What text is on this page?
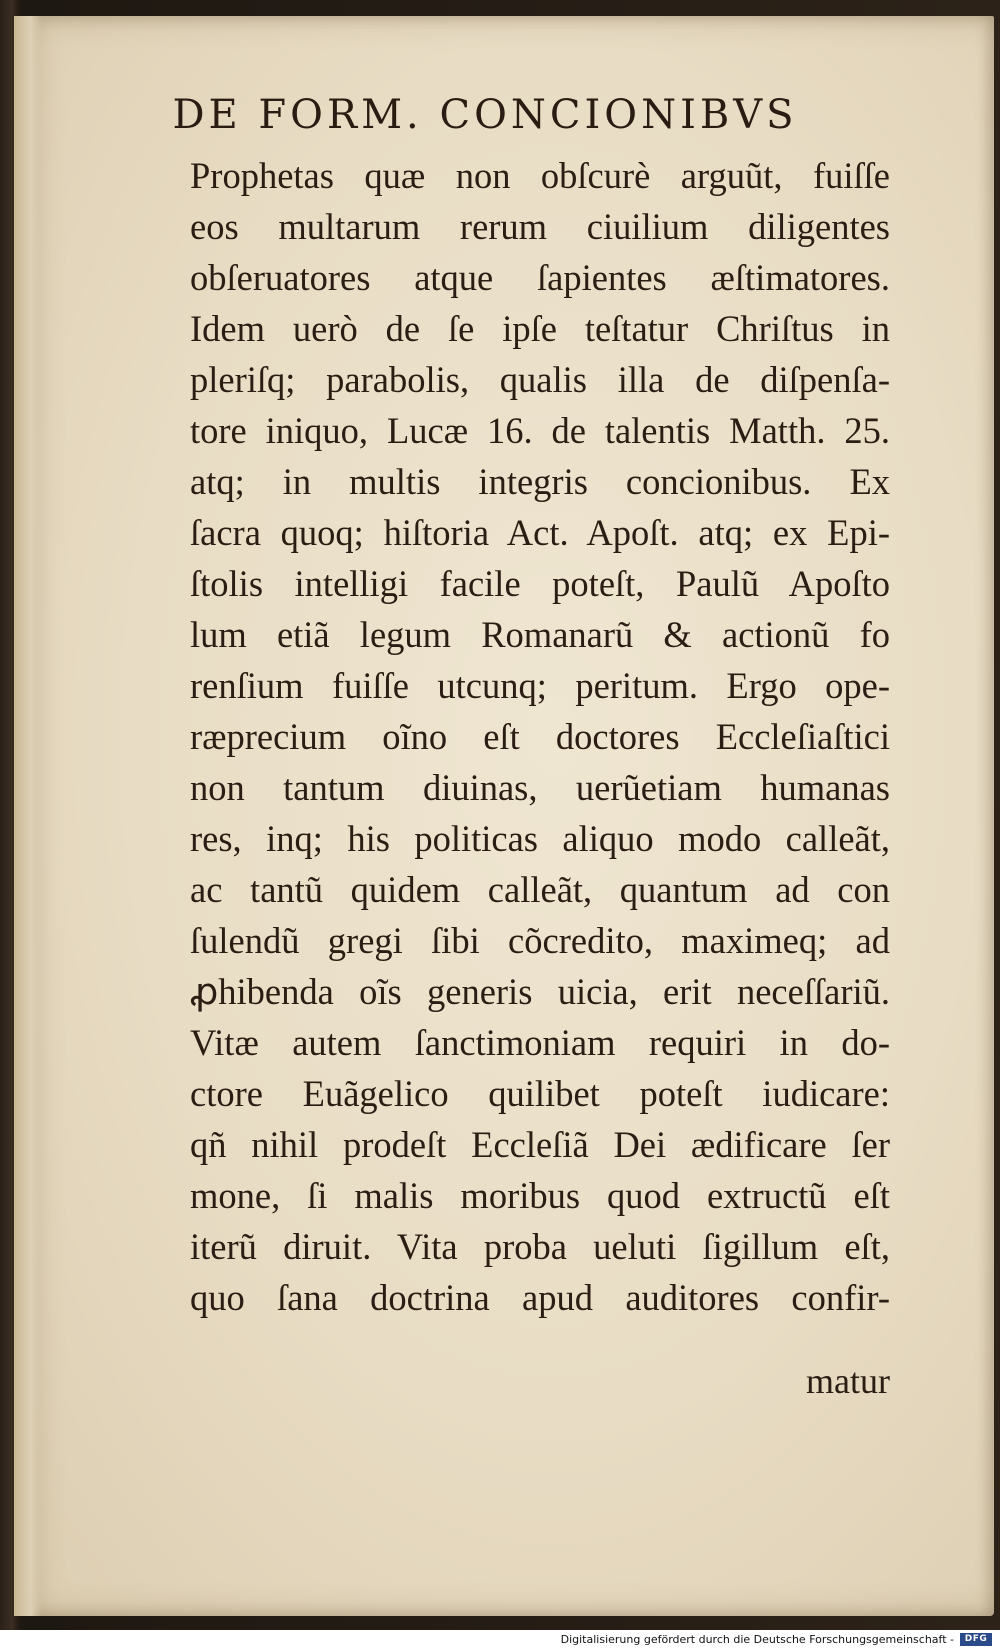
DE FORM. CONCIONIBVS
Prophetas quæ non obſcurè arguũt, fuiſſe
eos multarum rerum ciuilium diligentes
obſeruatores atque ſapientes æſtimatores.
Idem uerò de ſe ipſe teſtatur Chriſtus in
pleriſq; parabolis, qualis illa de diſpenſa-
tore iniquo, Lucæ 16. de talentis Matth. 25.
atq; in multis integris concionibus. Ex
ſacra quoq; hiſtoria Act. Apoſt. atq; ex Epi-
ſtolis intelligi facile poteſt, Paulũ Apoſto
lum etiã legum Romanarũ & actionũ fo
renſium fuiſſe utcunq; peritum. Ergo ope-
ræprecium oĩno eſt doctores Eccleſiaſtici
non tantum diuinas, uerũetiam humanas
res, inq; his politicas aliquo modo calleãt,
ac tantũ quidem calleãt, quantum ad con
ſulendũ gregi ſibi cõcredito, maximeq; ad
ꝓhibenda oĩs generis uicia, erit neceſſariũ.
Vitæ autem ſanctimoniam requiri in do-
ctore Euãgelico quilibet poteſt iudicare:
qñ nihil prodeſt Eccleſiã Dei ædificare ſer
mone, ſi malis moribus quod extructũ eſt
iterũ diruit. Vita proba ueluti ſigillum eſt,
quo ſana doctrina apud auditores confir-
matur
Digitalisierung gefördert durch die Deutsche Forschungsgemeinschaft -	DFG
